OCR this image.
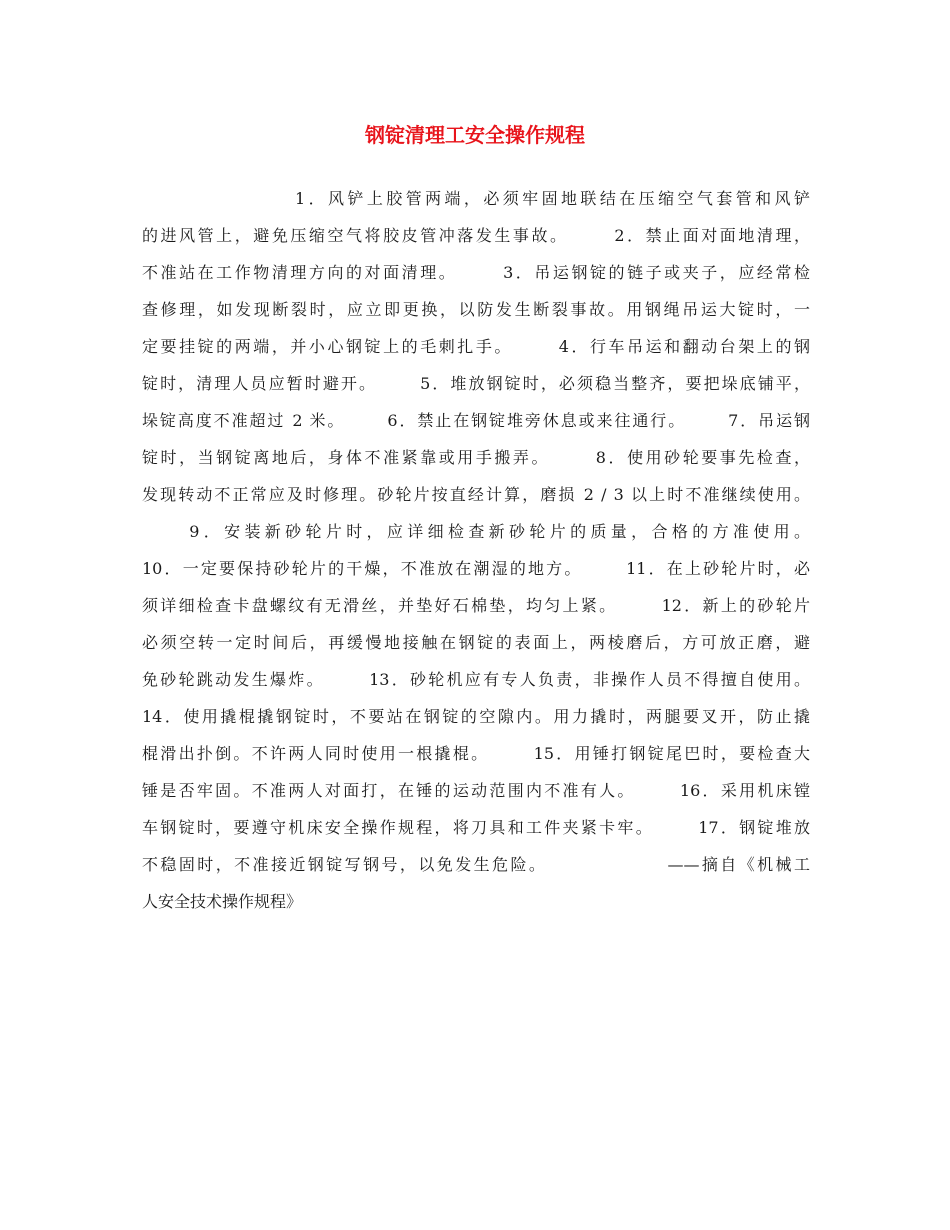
钢锭清理工安全操作规程
1．风铲上胶管两端，必须牢固地联结在压缩空气套管和风铲
的进风管上，避免压缩空气将胶皮管冲落发生事故。      2．禁止面对面地清理，
不准站在工作物清理方向的对面清理。      3．吊运钢锭的链子或夹子，应经常检
查修理，如发现断裂时，应立即更换，以防发生断裂事故。用钢绳吊运大锭时，一
定要挂锭的两端，并小心钢锭上的毛刺扎手。      4．行车吊运和翻动台架上的钢
锭时，清理人员应暂时避开。      5．堆放钢锭时，必须稳当整齐，要把垛底铺平，
垛锭高度不准超过 2 米。      6．禁止在钢锭堆旁休息或来往通行。      7．吊运钢
锭时，当钢锭离地后，身体不准紧靠或用手搬弄。      8．使用砂轮要事先检查，
发现转动不正常应及时修理。砂轮片按直经计算，磨损 2 / 3 以上时不准继续使用。
9．安装新砂轮片时，应详细检查新砂轮片的质量，合格的方准使用。
10．一定要保持砂轮片的干燥，不准放在潮湿的地方。      11．在上砂轮片时，必
须详细检查卡盘螺纹有无滑丝，并垫好石棉垫，均匀上紧。      12．新上的砂轮片
必须空转一定时间后，再缓慢地接触在钢锭的表面上，两棱磨后，方可放正磨，避
免砂轮跳动发生爆炸。      13．砂轮机应有专人负责，非操作人员不得擅自使用。
14．使用撬棍撬钢锭时，不要站在钢锭的空隙内。用力撬时，两腿要叉开，防止撬
棍滑出扑倒。不许两人同时使用一根撬棍。      15．用锤打钢锭尾巴时，要检查大
锤是否牢固。不准两人对面打，在锤的运动范围内不准有人。      16．采用机床镗
车钢锭时，要遵守机床安全操作规程，将刀具和工件夹紧卡牢。      17．钢锭堆放
不稳固时，不准接近钢锭写钢号，以免发生危险。                ——摘自《机械工
人安全技术操作规程》
